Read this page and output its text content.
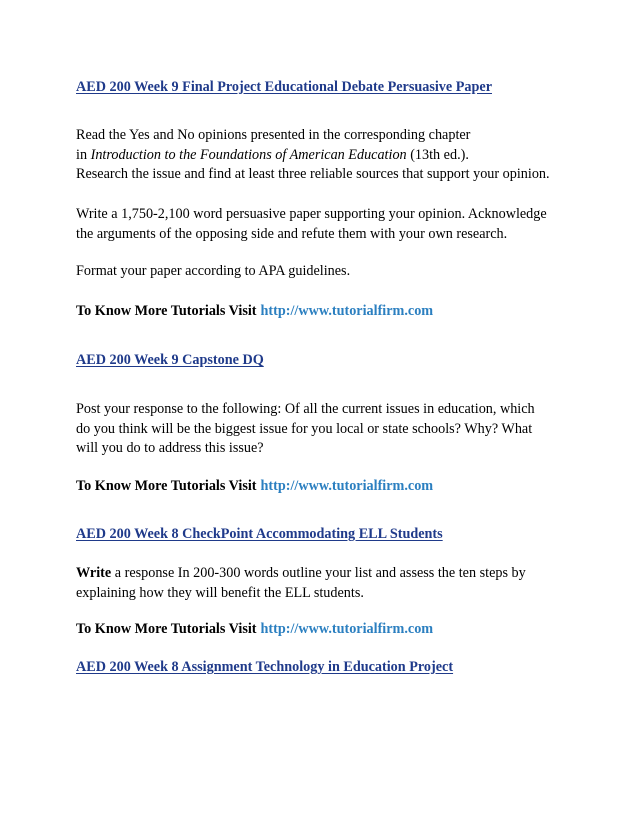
AED 200 Week 9 Final Project Educational Debate Persuasive Paper
Read the Yes and No opinions presented in the corresponding chapter
in Introduction to the Foundations of American Education (13th ed.).
Research the issue and find at least three reliable sources that support your opinion.
Write a 1,750-2,100 word persuasive paper supporting your opinion. Acknowledge
the arguments of the opposing side and refute them with your own research.
Format your paper according to APA guidelines.
To Know More Tutorials Visit http://www.tutorialfirm.com
AED 200 Week 9 Capstone DQ
Post your response to the following: Of all the current issues in education, which
do you think will be the biggest issue for you local or state schools? Why? What
will you do to address this issue?
To Know More Tutorials Visit http://www.tutorialfirm.com
AED 200 Week 8 CheckPoint Accommodating ELL Students
Write a response In 200-300 words outline your list and assess the ten steps by
explaining how they will benefit the ELL students.
To Know More Tutorials Visit http://www.tutorialfirm.com
AED 200 Week 8 Assignment Technology in Education Project
